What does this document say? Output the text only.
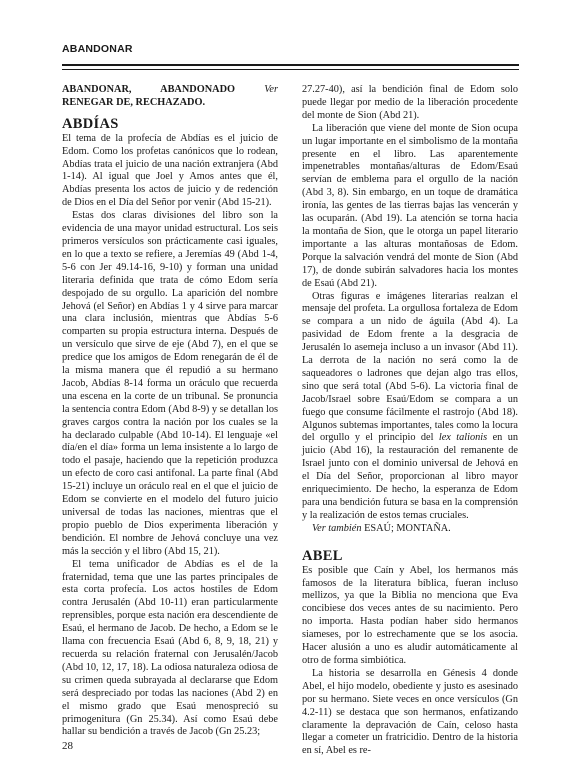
ABANDONAR

ABANDONAR, ABANDONADO	Ver RENEGAR DE, RECHAZADO.

ABDÍAS

El tema de la profecía de Abdías es el juicio de Edom. Como los profetas canónicos que lo rodean, Abdías trata el juicio de una nación extranjera (Abd 1-14). Al igual que Joel y Amos antes que él, Abdías presenta los actos de juicio y de redención de Dios en el Día del Señor por venir (Abd 15-21).

Estas dos claras divisiones del libro son la evidencia de una mayor unidad estructural. Los seis primeros versículos son prácticamente casi iguales, en lo que a texto se refiere, a Jeremías 49 (Abd 1-4, 5-6 con Jer 49.14-16, 9-10) y forman una unidad literaria definida que trata de cómo Edom sería despojado de su orgullo. La aparición del nombre Jehová (el Señor) en Abdías 1 y 4 sirve para marcar una clara inclusión, mientras que Abdías 5-6 comparten su propia estructura interna. Después de un versículo que sirve de eje (Abd 7), en el que se predice que los amigos de Edom renegarán de él de la misma manera que él repudió a su hermano Jacob, Abdías 8-14 forma un oráculo que recuerda una escena en la corte de un tribunal. Se pronuncia la sentencia contra Edom (Abd 8-9) y se detallan los graves cargos contra la nación por los cuales se la ha declarado culpable (Abd 10-14). El lenguaje «el día/en el día» forma un lema insistente a lo largo de todo el pasaje, haciendo que la repetición produzca un efecto de coro casi antifonal. La parte final (Abd 15-21) incluye un oráculo real en el que el juicio de Edom se convierte en el modelo del futuro juicio universal de todas las naciones, mientras que el propio pueblo de Dios experimenta liberación y bendición. El nombre de Jehová concluye una vez más la sección y el libro (Abd 15, 21).

El tema unificador de Abdías es el de la fraternidad, tema que une las partes principales de esta corta profecía. Los actos hostiles de Edom contra Jerusalén (Abd 10-11) eran particularmente reprensibles, porque esta nación era descendiente de Esaú, el hermano de Jacob. De hecho, a Edom se le llama con frecuencia Esaú (Abd 6, 8, 9, 18, 21) y recuerda su relación fraternal con Jerusalén/Jacob (Abd 10, 12, 17, 18). La odiosa naturaleza odiosa de su crimen queda subrayada al declararse que Edom será despreciado por todas las naciones (Abd 2) en el mismo grado que Esaú menospreció su primogenitura (Gn 25.34). Así como Esaú debe hallar su bendición a través de Jacob (Gn 25.23;

27.27-40), así la bendición final de Edom solo puede llegar por medio de la liberación procedente del monte de Sion (Abd 21).

La liberación que viene del monte de Sion ocupa un lugar importante en el simbolismo de la montaña presente en el libro. Las aparentemente impenetrables montañas/alturas de Edom/Esaú servían de emblema para el orgullo de la nación (Abd 3, 8). Sin embargo, en un toque de dramática ironía, las gentes de las tierras bajas las vencerán y las ocuparán. (Abd 19). La atención se torna hacia la montaña de Sion, que le otorga un papel literario importante a las alturas montañosas de Edom. Porque la salvación vendrá del monte de Sion (Abd 17), de donde subirán salvadores hacia los montes de Esaú (Abd 21).

Otras figuras e imágenes literarias realzan el mensaje del profeta. La orgullosa fortaleza de Edom se compara a un nido de águila (Abd 4). La pasividad de Edom frente a la desgracia de Jerusalén lo asemeja incluso a un invasor (Abd 11). La derrota de la nación no será como la de saqueadores o ladrones que dejan algo tras ellos, sino que será total (Abd 5-6). La victoria final de Jacob/Israel sobre Esaú/Edom se compara a un fuego que consume fácilmente el rastrojo (Abd 18). Algunos subtemas importantes, tales como la locura del orgullo y el principio del lex talionis en un juicio (Abd 16), la restauración del remanente de Israel junto con el dominio universal de Jehová en el Día del Señor, proporcionan al libro mayor enriquecimiento. De hecho, la esperanza de Edom para una bendición futura se basa en la comprensión y la realización de estos temas cruciales.

Ver también ESAÚ; MONTAÑA.

ABEL

Es posible que Caín y Abel, los hermanos más famosos de la literatura bíblica, fueran incluso mellizos, ya que la Biblia no menciona que Eva concibiese dos veces antes de su nacimiento. Pero no importa. Hasta podían haber sido hermanos siameses, por lo estrechamente que se los asocia. Hacer alusión a uno es aludir automáticamente al otro de forma simbiótica.

La historia se desarrolla en Génesis 4 donde Abel, el hijo modelo, obediente y justo es asesinado por su hermano. Siete veces en once versículos (Gn 4.2-11) se destaca que son hermanos, enfatizando claramente la depravación de Caín, celoso hasta llegar a cometer un fratricidio. Dentro de la historia en sí, Abel es re-

28
